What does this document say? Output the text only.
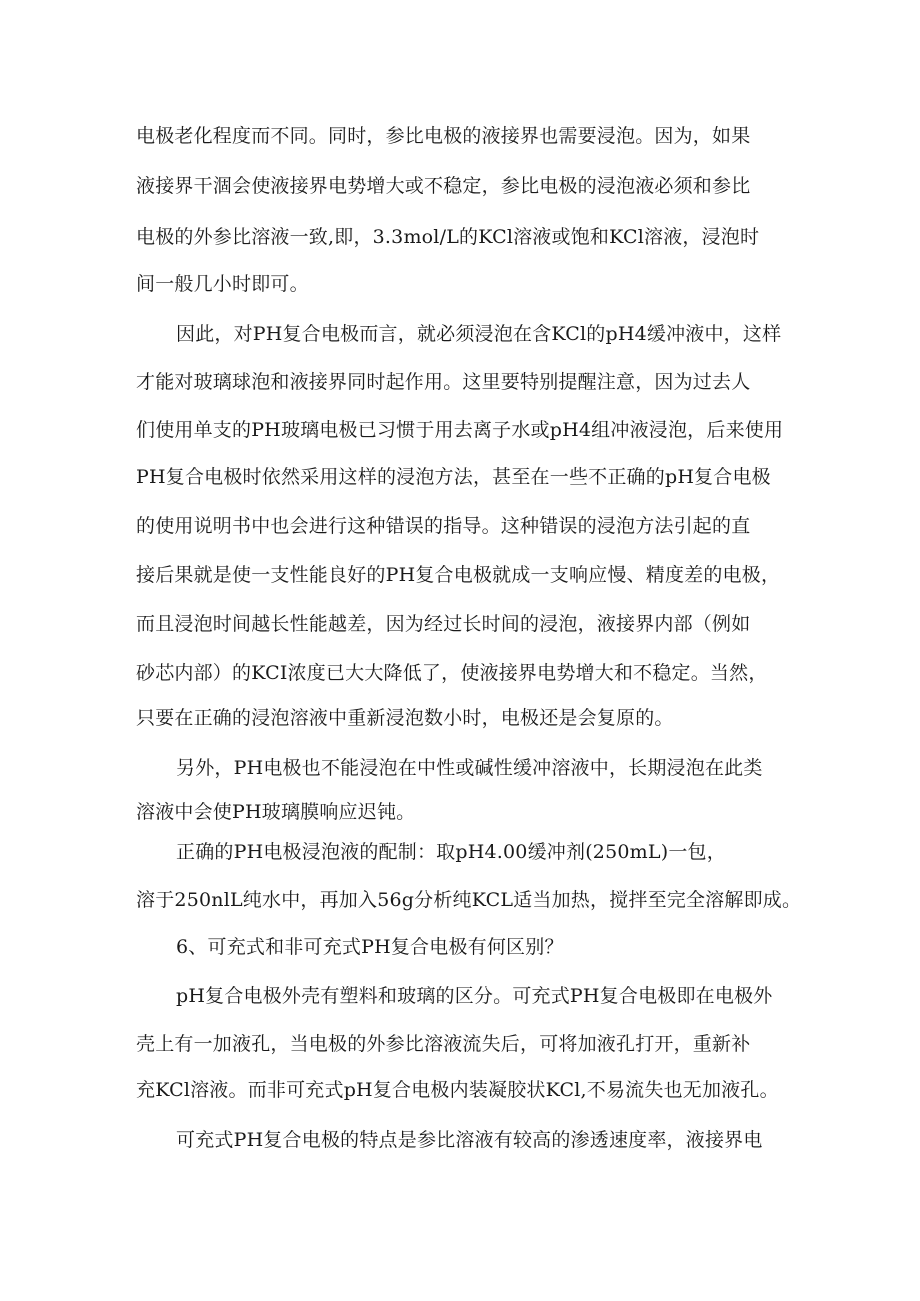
电极老化程度而不同。同时，参比电极的液接界也需要浸泡。因为，如果
液接界干涸会使液接界电势增大或不稳定，参比电极的浸泡液必须和参比
电极的外参比溶液一致,即，3.3mol/L的KCl溶液或饱和KCl溶液，浸泡时
间一般几小时即可。
因此，对PH复合电极而言，就必须浸泡在含KCl的pH4缓冲液中，这样
才能对玻璃球泡和液接界同时起作用。这里要特别提醒注意，因为过去人
们使用单支的PH玻璃电极已习惯于用去离子水或pH4组冲液浸泡，后来使用
PH复合电极时依然采用这样的浸泡方法，甚至在一些不正确的pH复合电极
的使用说明书中也会进行这种错误的指导。这种错误的浸泡方法引起的直
接后果就是使一支性能良好的PH复合电极就成一支响应慢、精度差的电极，
而且浸泡时间越长性能越差，因为经过长时间的浸泡，液接界内部（例如
砂芯内部）的KCI浓度已大大降低了，使液接界电势增大和不稳定。当然，
只要在正确的浸泡溶液中重新浸泡数小时，电极还是会复原的。
另外，PH电极也不能浸泡在中性或碱性缓冲溶液中，长期浸泡在此类
溶液中会使PH玻璃膜响应迟钝。
正确的PH电极浸泡液的配制：取pH4.00缓冲剂(250mL)一包，
溶于250nlL纯水中，再加入56g分析纯KCL适当加热，搅拌至完全溶解即成。
6、可充式和非可充式PH复合电极有何区别？
pH复合电极外壳有塑料和玻璃的区分。可充式PH复合电极即在电极外
壳上有一加液孔，当电极的外参比溶液流失后，可将加液孔打开，重新补
充KCl溶液。而非可充式pH复合电极内装凝胶状KCl,不易流失也无加液孔。
可充式PH复合电极的特点是参比溶液有较高的渗透速度率，液接界电
